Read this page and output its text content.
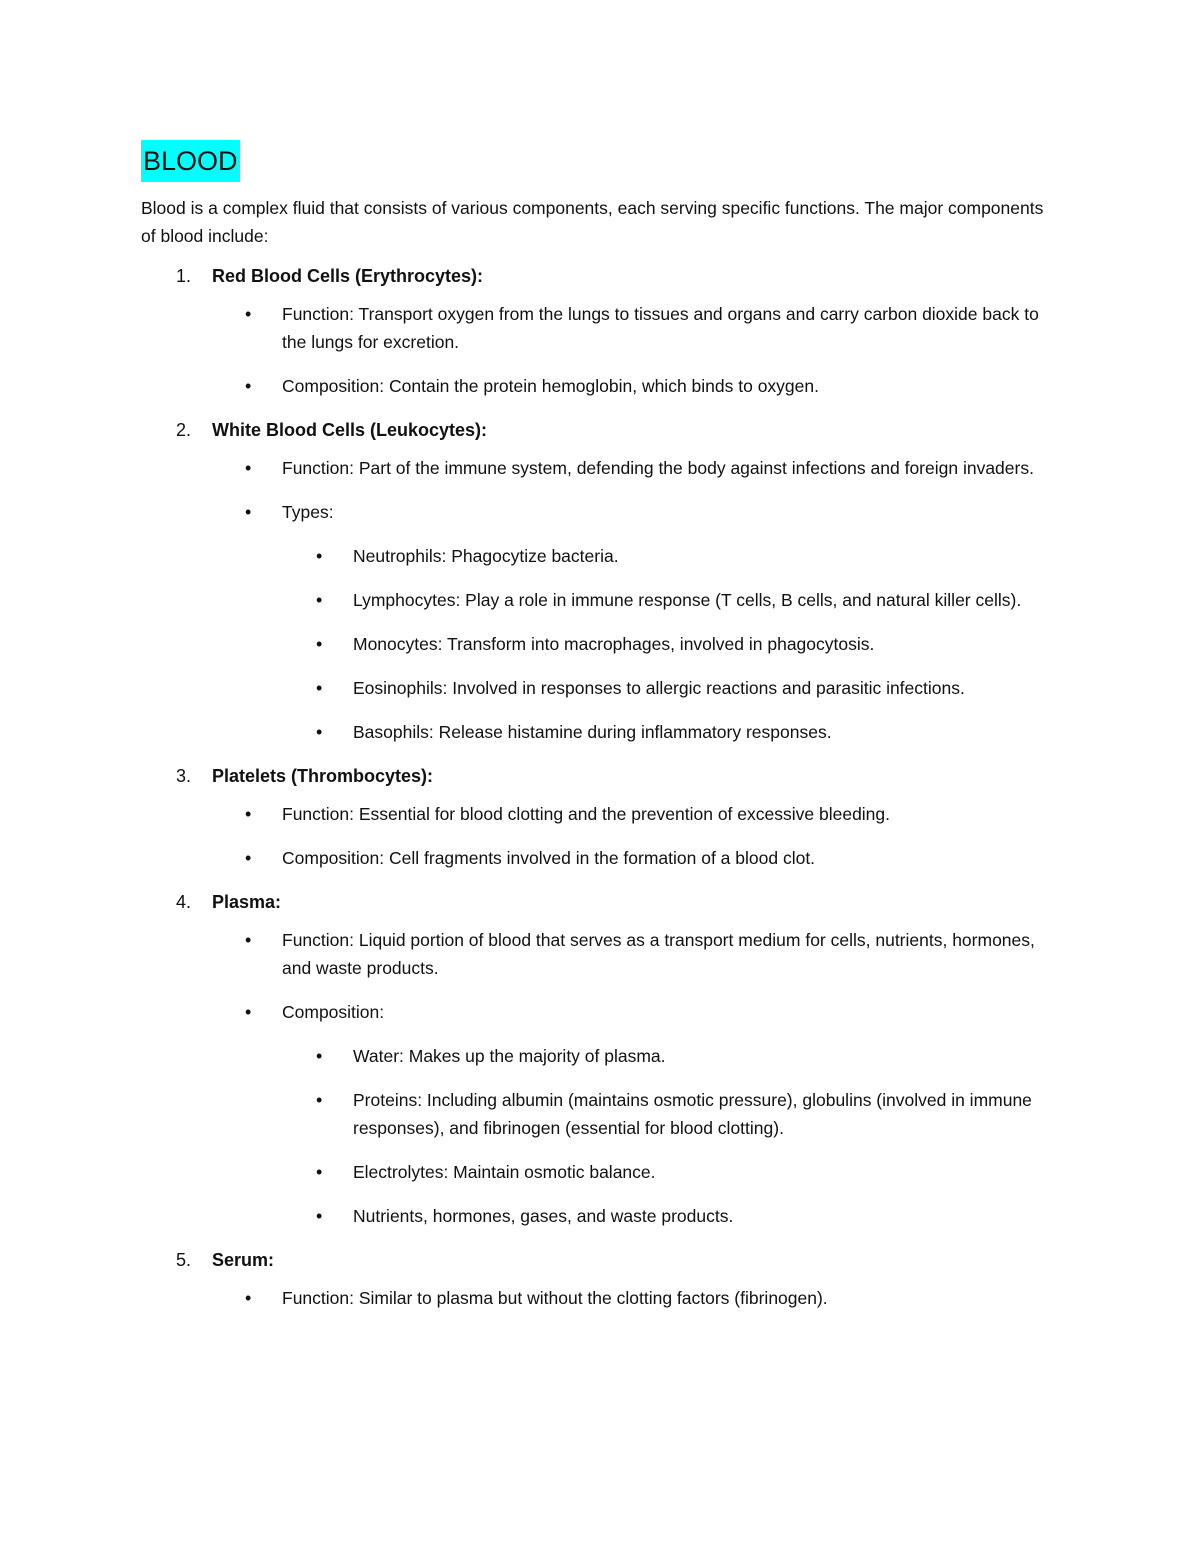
BLOOD

Blood is a complex fluid that consists of various components, each serving specific functions. The major components of blood include:

1. Red Blood Cells (Erythrocytes):
• Function: Transport oxygen from the lungs to tissues and organs and carry carbon dioxide back to the lungs for excretion.
• Composition: Contain the protein hemoglobin, which binds to oxygen.
2. White Blood Cells (Leukocytes):
• Function: Part of the immune system, defending the body against infections and foreign invaders.
• Types:
• Neutrophils: Phagocytize bacteria.
• Lymphocytes: Play a role in immune response (T cells, B cells, and natural killer cells).
• Monocytes: Transform into macrophages, involved in phagocytosis.
• Eosinophils: Involved in responses to allergic reactions and parasitic infections.
• Basophils: Release histamine during inflammatory responses.
3. Platelets (Thrombocytes):
• Function: Essential for blood clotting and the prevention of excessive bleeding.
• Composition: Cell fragments involved in the formation of a blood clot.
4. Plasma:
• Function: Liquid portion of blood that serves as a transport medium for cells, nutrients, hormones, and waste products.
• Composition:
• Water: Makes up the majority of plasma.
• Proteins: Including albumin (maintains osmotic pressure), globulins (involved in immune responses), and fibrinogen (essential for blood clotting).
• Electrolytes: Maintain osmotic balance.
• Nutrients, hormones, gases, and waste products.
5. Serum:
• Function: Similar to plasma but without the clotting factors (fibrinogen).
